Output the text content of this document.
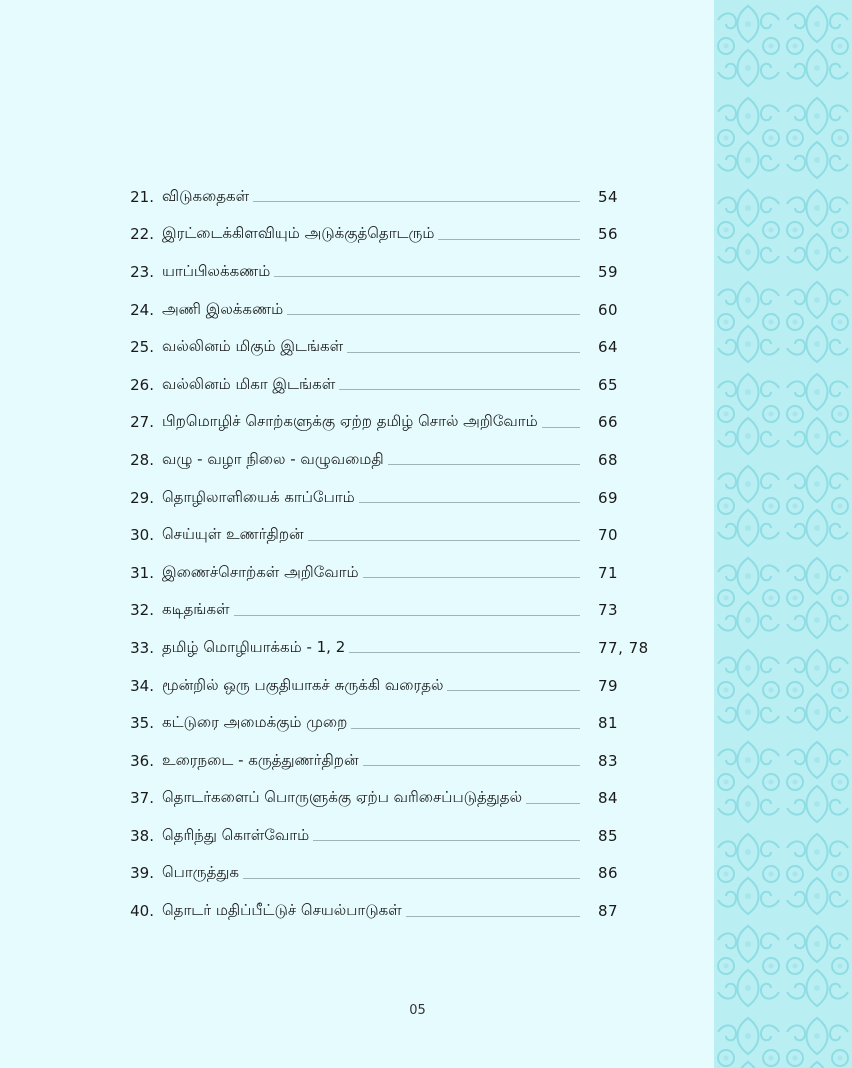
21. விடுகதைகள்	54
22. இரட்டைக்கிளவியும் அடுக்குத்தொடரும்	56
23. யாப்பிலக்கணம்	59
24. அணி இலக்கணம்	60
25. வல்லினம் மிகும் இடங்கள்	64
26. வல்லினம் மிகா இடங்கள்	65
27. பிறமொழிச் சொற்களுக்கு ஏற்ற தமிழ் சொல் அறிவோம்	66
28. வழு - வழா நிலை - வழுவமைதி	68
29. தொழிலாளியைக் காப்போம்	69
30. செய்யுள் உணர்திறன்	70
31. இணைச்சொற்கள் அறிவோம்	71
32. கடிதங்கள்	73
33. தமிழ் மொழியாக்கம் - 1, 2	77, 78
34. மூன்றில் ஒரு பகுதியாகச் சுருக்கி வரைதல்	79
35. கட்டுரை அமைக்கும் முறை	81
36. உரைநடை - கருத்துணர்திறன்	83
37. தொடர்களைப் பொருளுக்கு ஏற்ப வரிசைப்படுத்துதல்	84
38. தெரிந்து கொள்வோம்	85
39. பொருத்துக	86
40. தொடர் மதிப்பீட்டுச் செயல்பாடுகள்	87
05
